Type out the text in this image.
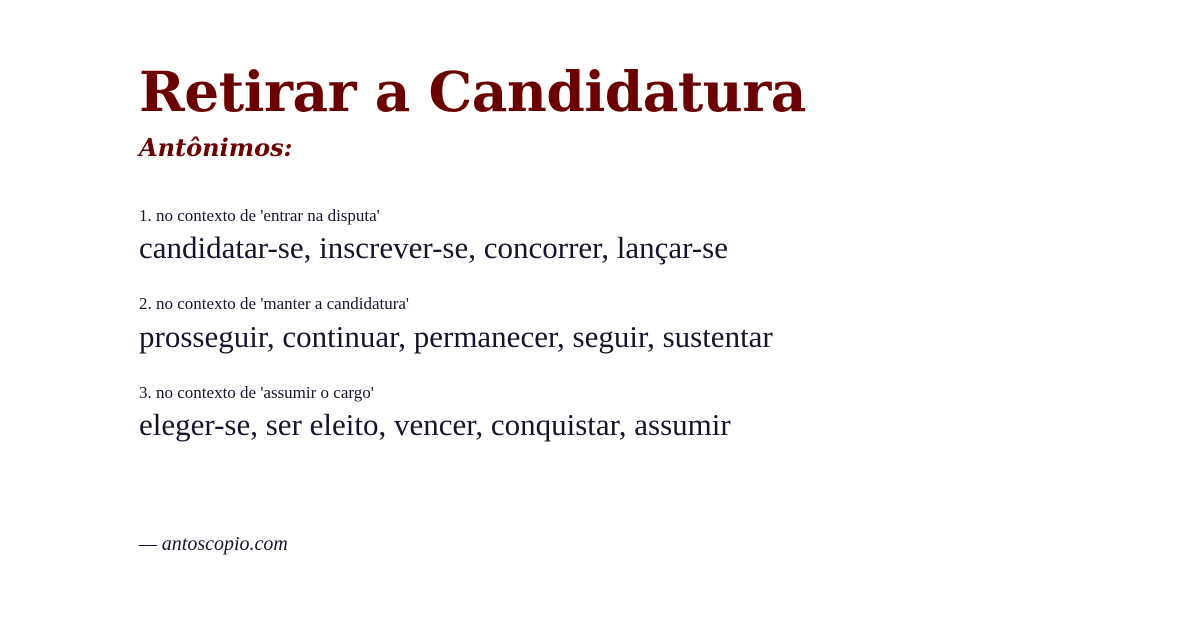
Retirar a Candidatura
Antônimos:
1. no contexto de 'entrar na disputa'
candidatar-se, inscrever-se, concorrer, lançar-se
2. no contexto de 'manter a candidatura'
prosseguir, continuar, permanecer, seguir, sustentar
3. no contexto de 'assumir o cargo'
eleger-se, ser eleito, vencer, conquistar, assumir
— antoscopio.com
